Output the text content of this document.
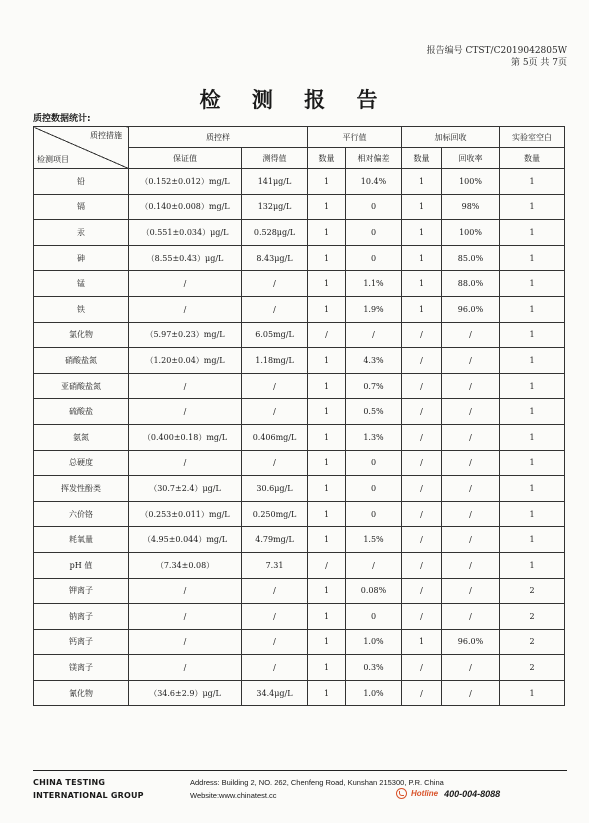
报告编号 CTST/C2019042805W
第 5页 共 7页
检 测 报 告
质控数据统计:
质控措施
检测项目	质控样		平行值		加标回收		实验室空白
	保证值	测得值	数量	相对偏差	数量	回收率	数量
铅	（0.152±0.012）mg/L	141μg/L	1	10.4%	1	100%	1
镉	（0.140±0.008）mg/L	132μg/L	1	0	1	98%	1
汞	（0.551±0.034）μg/L	0.528μg/L	1	0	1	100%	1
砷	（8.55±0.43）μg/L	8.43μg/L	1	0	1	85.0%	1
锰	/	/	1	1.1%	1	88.0%	1
铁	/	/	1	1.9%	1	96.0%	1
氯化物	（5.97±0.23）mg/L	6.05mg/L	/	/	/	/	1
硝酸盐氮	（1.20±0.04）mg/L	1.18mg/L	1	4.3%	/	/	1
亚硝酸盐氮	/	/	1	0.7%	/	/	1
硫酸盐	/	/	1	0.5%	/	/	1
氨氮	（0.400±0.18）mg/L	0.406mg/L	1	1.3%	/	/	1
总硬度	/	/	1	0	/	/	1
挥发性酚类	（30.7±2.4）μg/L	30.6μg/L	1	0	/	/	1
六价铬	（0.253±0.011）mg/L	0.250mg/L	1	0	/	/	1
耗氧量	（4.95±0.044）mg/L	4.79mg/L	1	1.5%	/	/	1
pH 值	（7.34±0.08）	7.31	/	/	/	/	1
钾离子	/	/	1	0.08%	/	/	2
钠离子	/	/	1	0	/	/	2
钙离子	/	/	1	1.0%	1	96.0%	2
镁离子	/	/	1	0.3%	/	/	2
氰化物	（34.6±2.9）μg/L	34.4μg/L	1	1.0%	/	/	1
CHINA TESTING
INTERNATIONAL GROUP
Address: Building 2, NO. 262, Chenfeng Road, Kunshan 215300, P.R. China
Website:www.chinatest.cc	Hotline 400-004-8088
